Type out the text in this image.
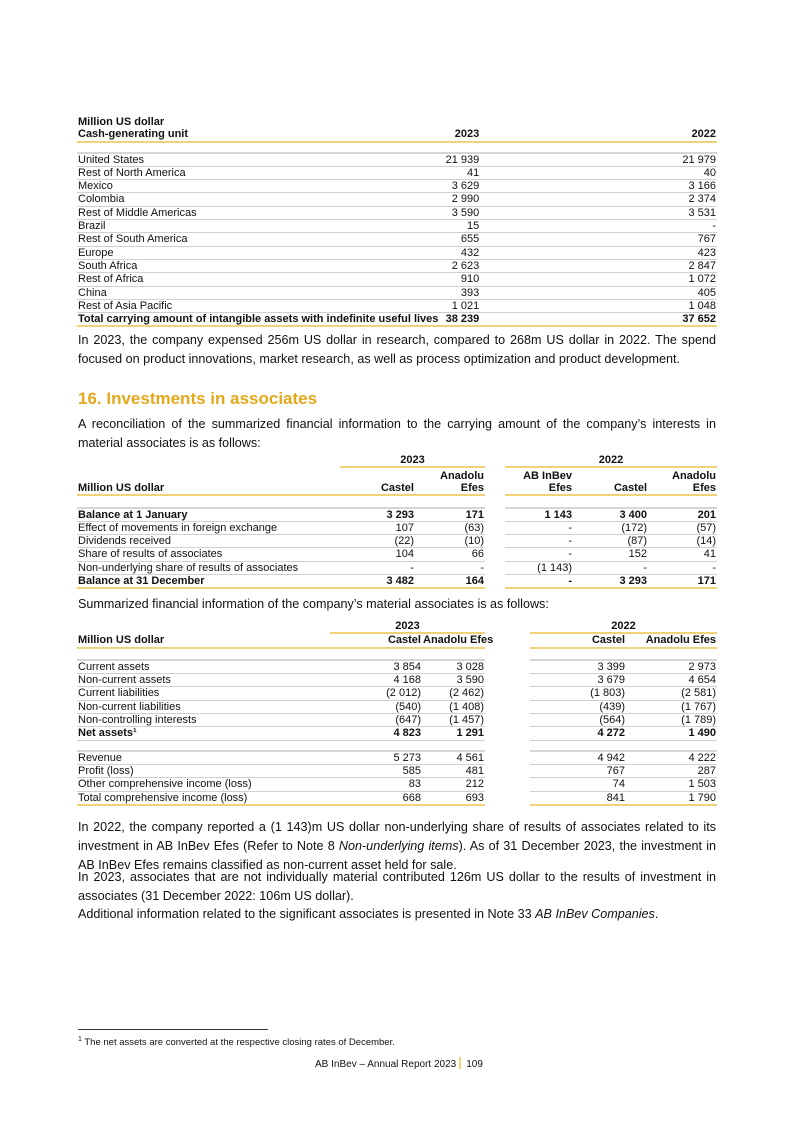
Million US dollar		
Cash-generating unit	2023	2022

United States	21 939	21 979
Rest of North America	41	40
Mexico	3 629	3 166
Colombia	2 990	2 374
Rest of Middle Americas	3 590	3 531
Brazil	15	-
Rest of South America	655	767
Europe	432	423
South Africa	2 623	2 847
Rest of Africa	910	1 072
China	393	405
Rest of Asia Pacific	1 021	1 048
Total carrying amount of intangible assets with indefinite useful lives	38 239	37 652
In 2023, the company expensed 256m US dollar in research, compared to 268m US dollar in 2022. The spend focused on product innovations, market research, as well as process optimization and product development.
16. Investments in associates
A reconciliation of the summarized financial information to the carrying amount of the company’s interests in material associates is as follows:
	2023			2022		
Million US dollar	Castel	Anadolu Efes		AB InBev Efes	Castel	Anadolu Efes

Balance at 1 January	3 293	171		1 143	3 400	201
Effect of movements in foreign exchange	107	(63)		-	(172)	(57)
Dividends received	(22)	(10)		-	(87)	(14)
Share of results of associates	104	66		-	152	41
Non-underlying share of results of associates	-	-		(1 143)	-	-
Balance at 31 December	3 482	164		-	3 293	171
Summarized financial information of the company’s material associates is as follows:
	2023			2022	
Million US dollar	Castel	Anadolu Efes		Castel	Anadolu Efes

Current assets	3 854	3 028		3 399	2 973
Non-current assets	4 168	3 590		3 679	4 654
Current liabilities	(2 012)	(2 462)		(1 803)	(2 581)
Non-current liabilities	(540)	(1 408)		(439)	(1 767)
Non-controlling interests	(647)	(1 457)		(564)	(1 789)
Net assets¹	4 823	1 291		4 272	1 490

Revenue	5 273	4 561		4 942	4 222
Profit (loss)	585	481		767	287
Other comprehensive income (loss)	83	212		74	1 503
Total comprehensive income (loss)	668	693		841	1 790
In 2022, the company reported a (1 143)m US dollar non-underlying share of results of associates related to its investment in AB InBev Efes (Refer to Note 8 Non-underlying items). As of 31 December 2023, the investment in AB InBev Efes remains classified as non-current asset held for sale.
In 2023, associates that are not individually material contributed 126m US dollar to the results of investment in associates (31 December 2022: 106m US dollar).
Additional information related to the significant associates is presented in Note 33 AB InBev Companies.
$^1$ The net assets are converted at the respective closing rates of December.
AB InBev – Annual Report 2023 109
